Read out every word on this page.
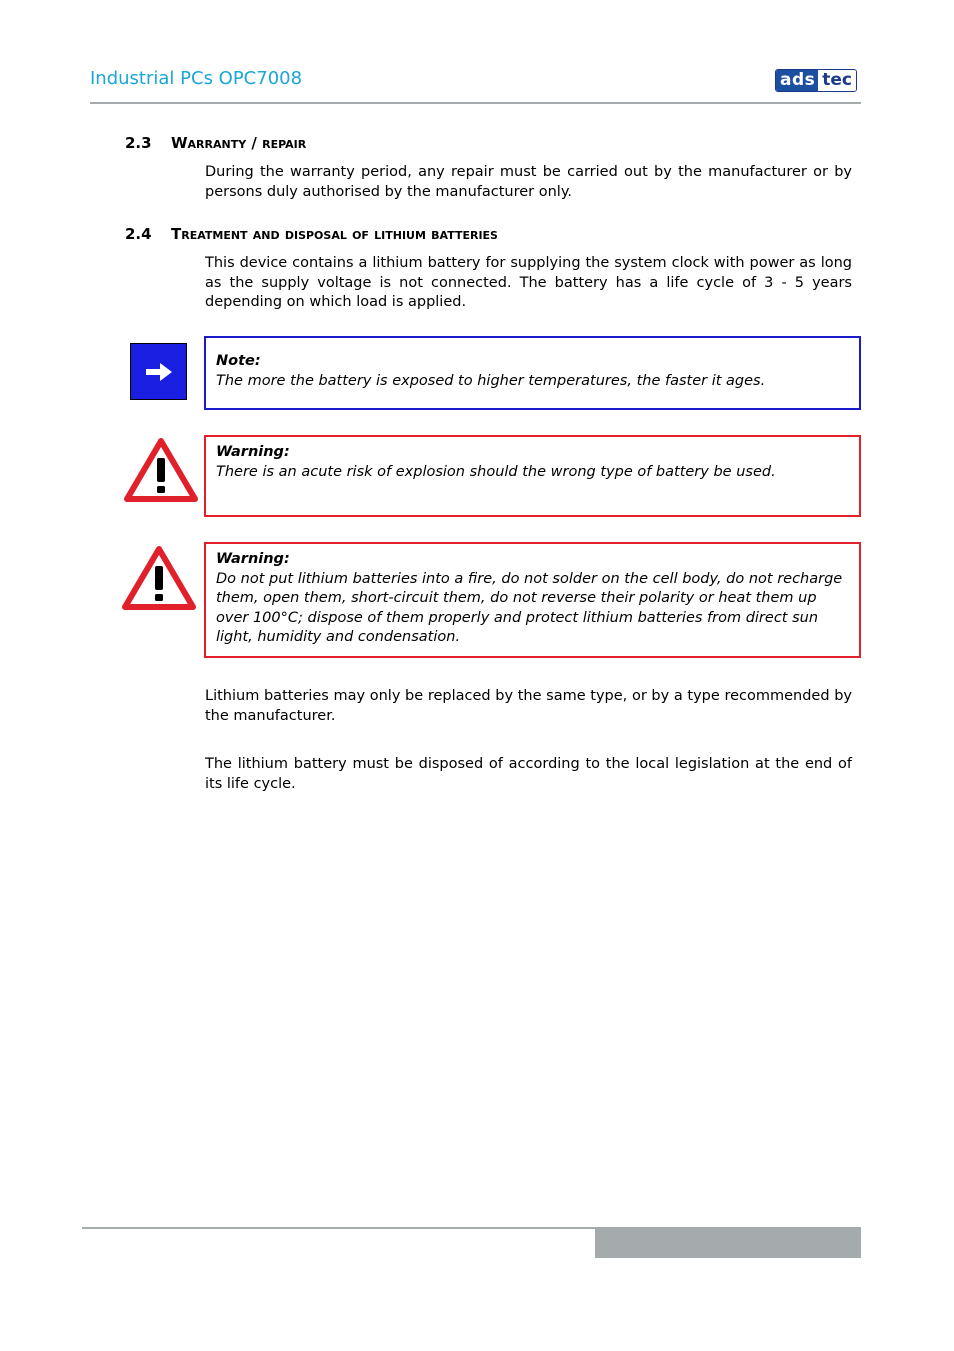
Industrial PCs OPC7008	ads tec
2.3 Warranty / repair
During the warranty period, any repair must be carried out by the manufacturer or by persons duly authorised by the manufacturer only.
2.4 Treatment and disposal of lithium batteries
This device contains a lithium battery for supplying the system clock with power as long as the supply voltage is not connected. The battery has a life cycle of 3 - 5 years depending on which load is applied.
Note:
The more the battery is exposed to higher temperatures, the faster it ages.
Warning:
There is an acute risk of explosion should the wrong type of battery be used.
Warning:
Do not put lithium batteries into a fire, do not solder on the cell body, do not recharge them, open them, short-circuit them, do not reverse their polarity or heat them up over 100°C; dispose of them properly and protect lithium batteries from direct sun light, humidity and condensation.
Lithium batteries may only be replaced by the same type, or by a type recommended by the manufacturer.
The lithium battery must be disposed of according to the local legislation at the end of its life cycle.
